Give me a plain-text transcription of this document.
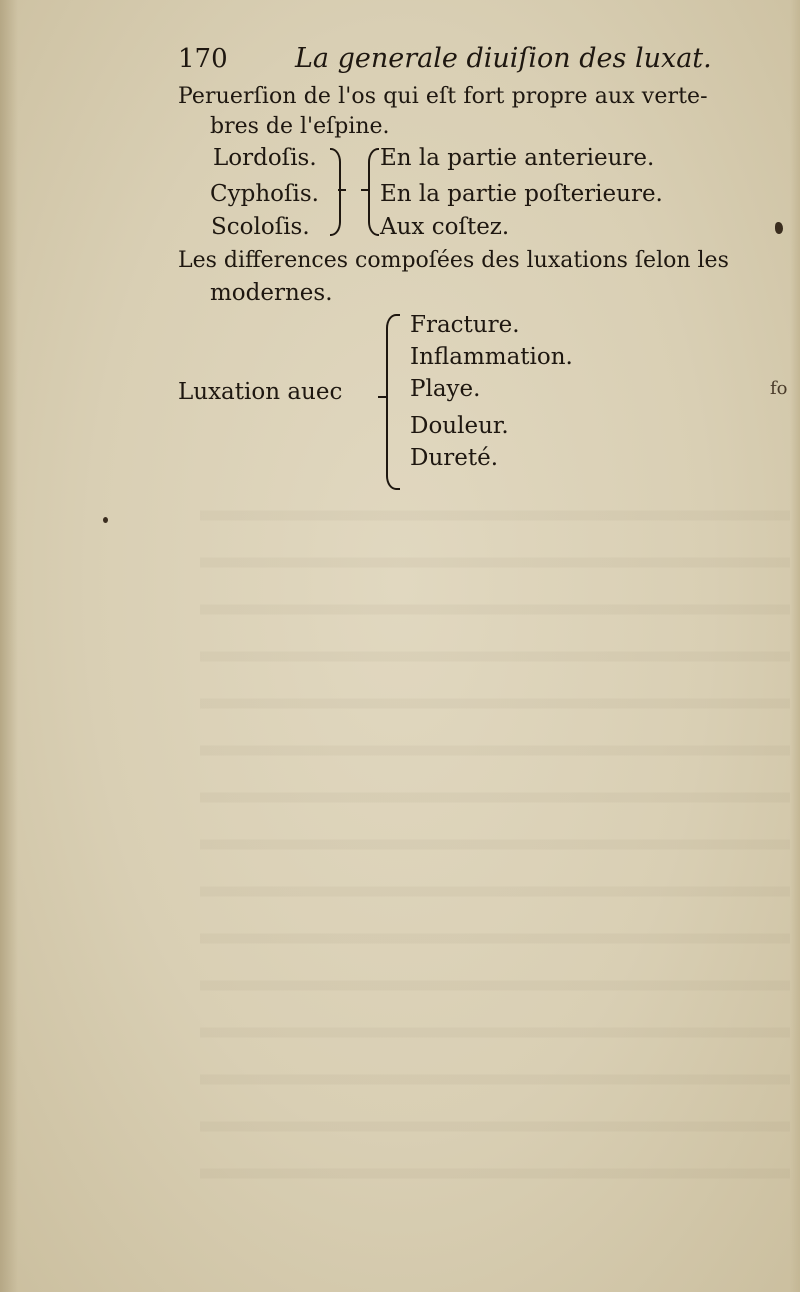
170 La generale diuiſion des luxat.
Peruerſion de l'os qui eſt fort propre aux verte-
bres de l'eſpine.
Lordoſis.
Cyphoſis.
Scoloſis.
En la partie anterieure.
En la partie poſterieure.
Aux coſtez.
Les differences compoſées des luxations ſelon les
modernes.
Luxation auec
Fracture.
Inflammation.
Playe.
Douleur.
Dureté.
fo
